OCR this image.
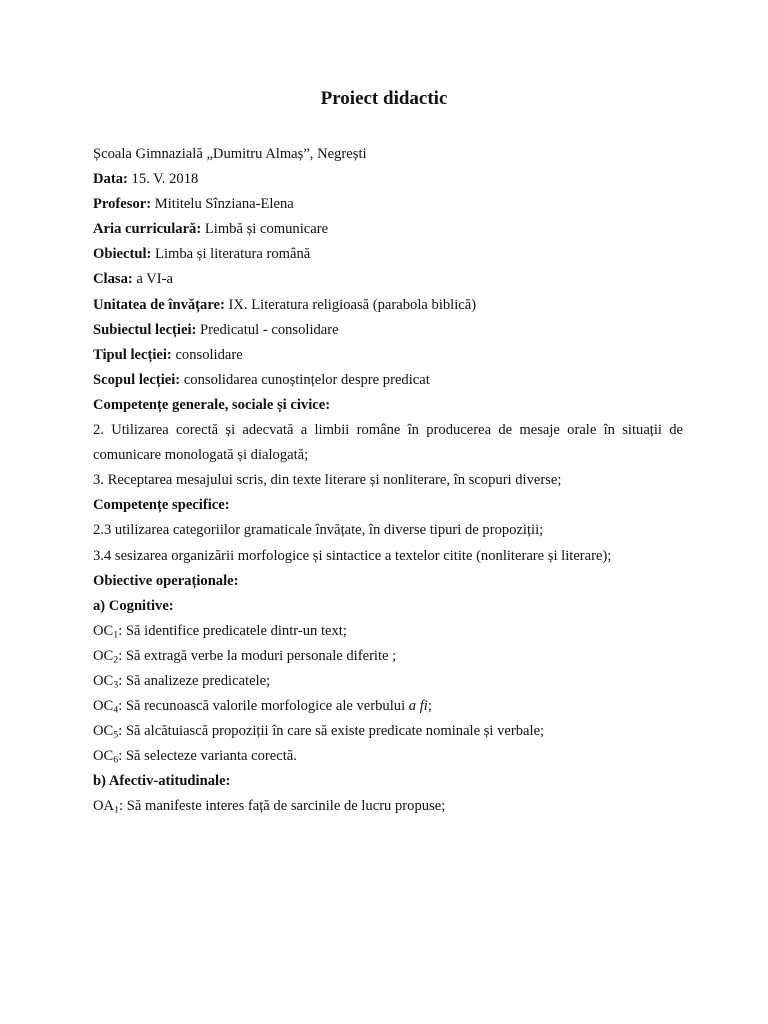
Proiect didactic
Școala Gimnazială „Dumitru Almaș”, Negrești
Data: 15. V. 2018
Profesor: Mititelu Sînziana-Elena
Aria curriculară: Limbă și comunicare
Obiectul: Limba și literatura română
Clasa: a VI-a
Unitatea de învățare: IX. Literatura religioasă (parabola biblică)
Subiectul lecției: Predicatul - consolidare
Tipul lecției: consolidare
Scopul lecției: consolidarea cunoștințelor despre predicat
Competențe generale, sociale și civice:
2. Utilizarea corectă și adecvată a limbii române în producerea de mesaje orale în situații de comunicare monologată și dialogată;
3. Receptarea mesajului scris, din texte literare și nonliterare, în scopuri diverse;
Competențe specifice:
2.3 utilizarea categoriilor gramaticale învățate, în diverse tipuri de propoziții;
3.4 sesizarea organizării morfologice și sintactice a textelor citite (nonliterare și literare);
Obiective operaționale:
a) Cognitive:
$OC_1$: Să identifice predicatele dintr-un text;
$OC_2$: Să extragă verbe la moduri personale diferite ;
$OC_3$: Să analizeze predicatele;
$OC_4$: Să recunoască valorile morfologice ale verbului a fi;
$OC_5$: Să alcătuiască propoziții în care să existe predicate nominale și verbale;
$OC_6$: Să selecteze varianta corectă.
b) Afectiv-atitudinale:
$OA_1$: Să manifeste interes față de sarcinile de lucru propuse;
